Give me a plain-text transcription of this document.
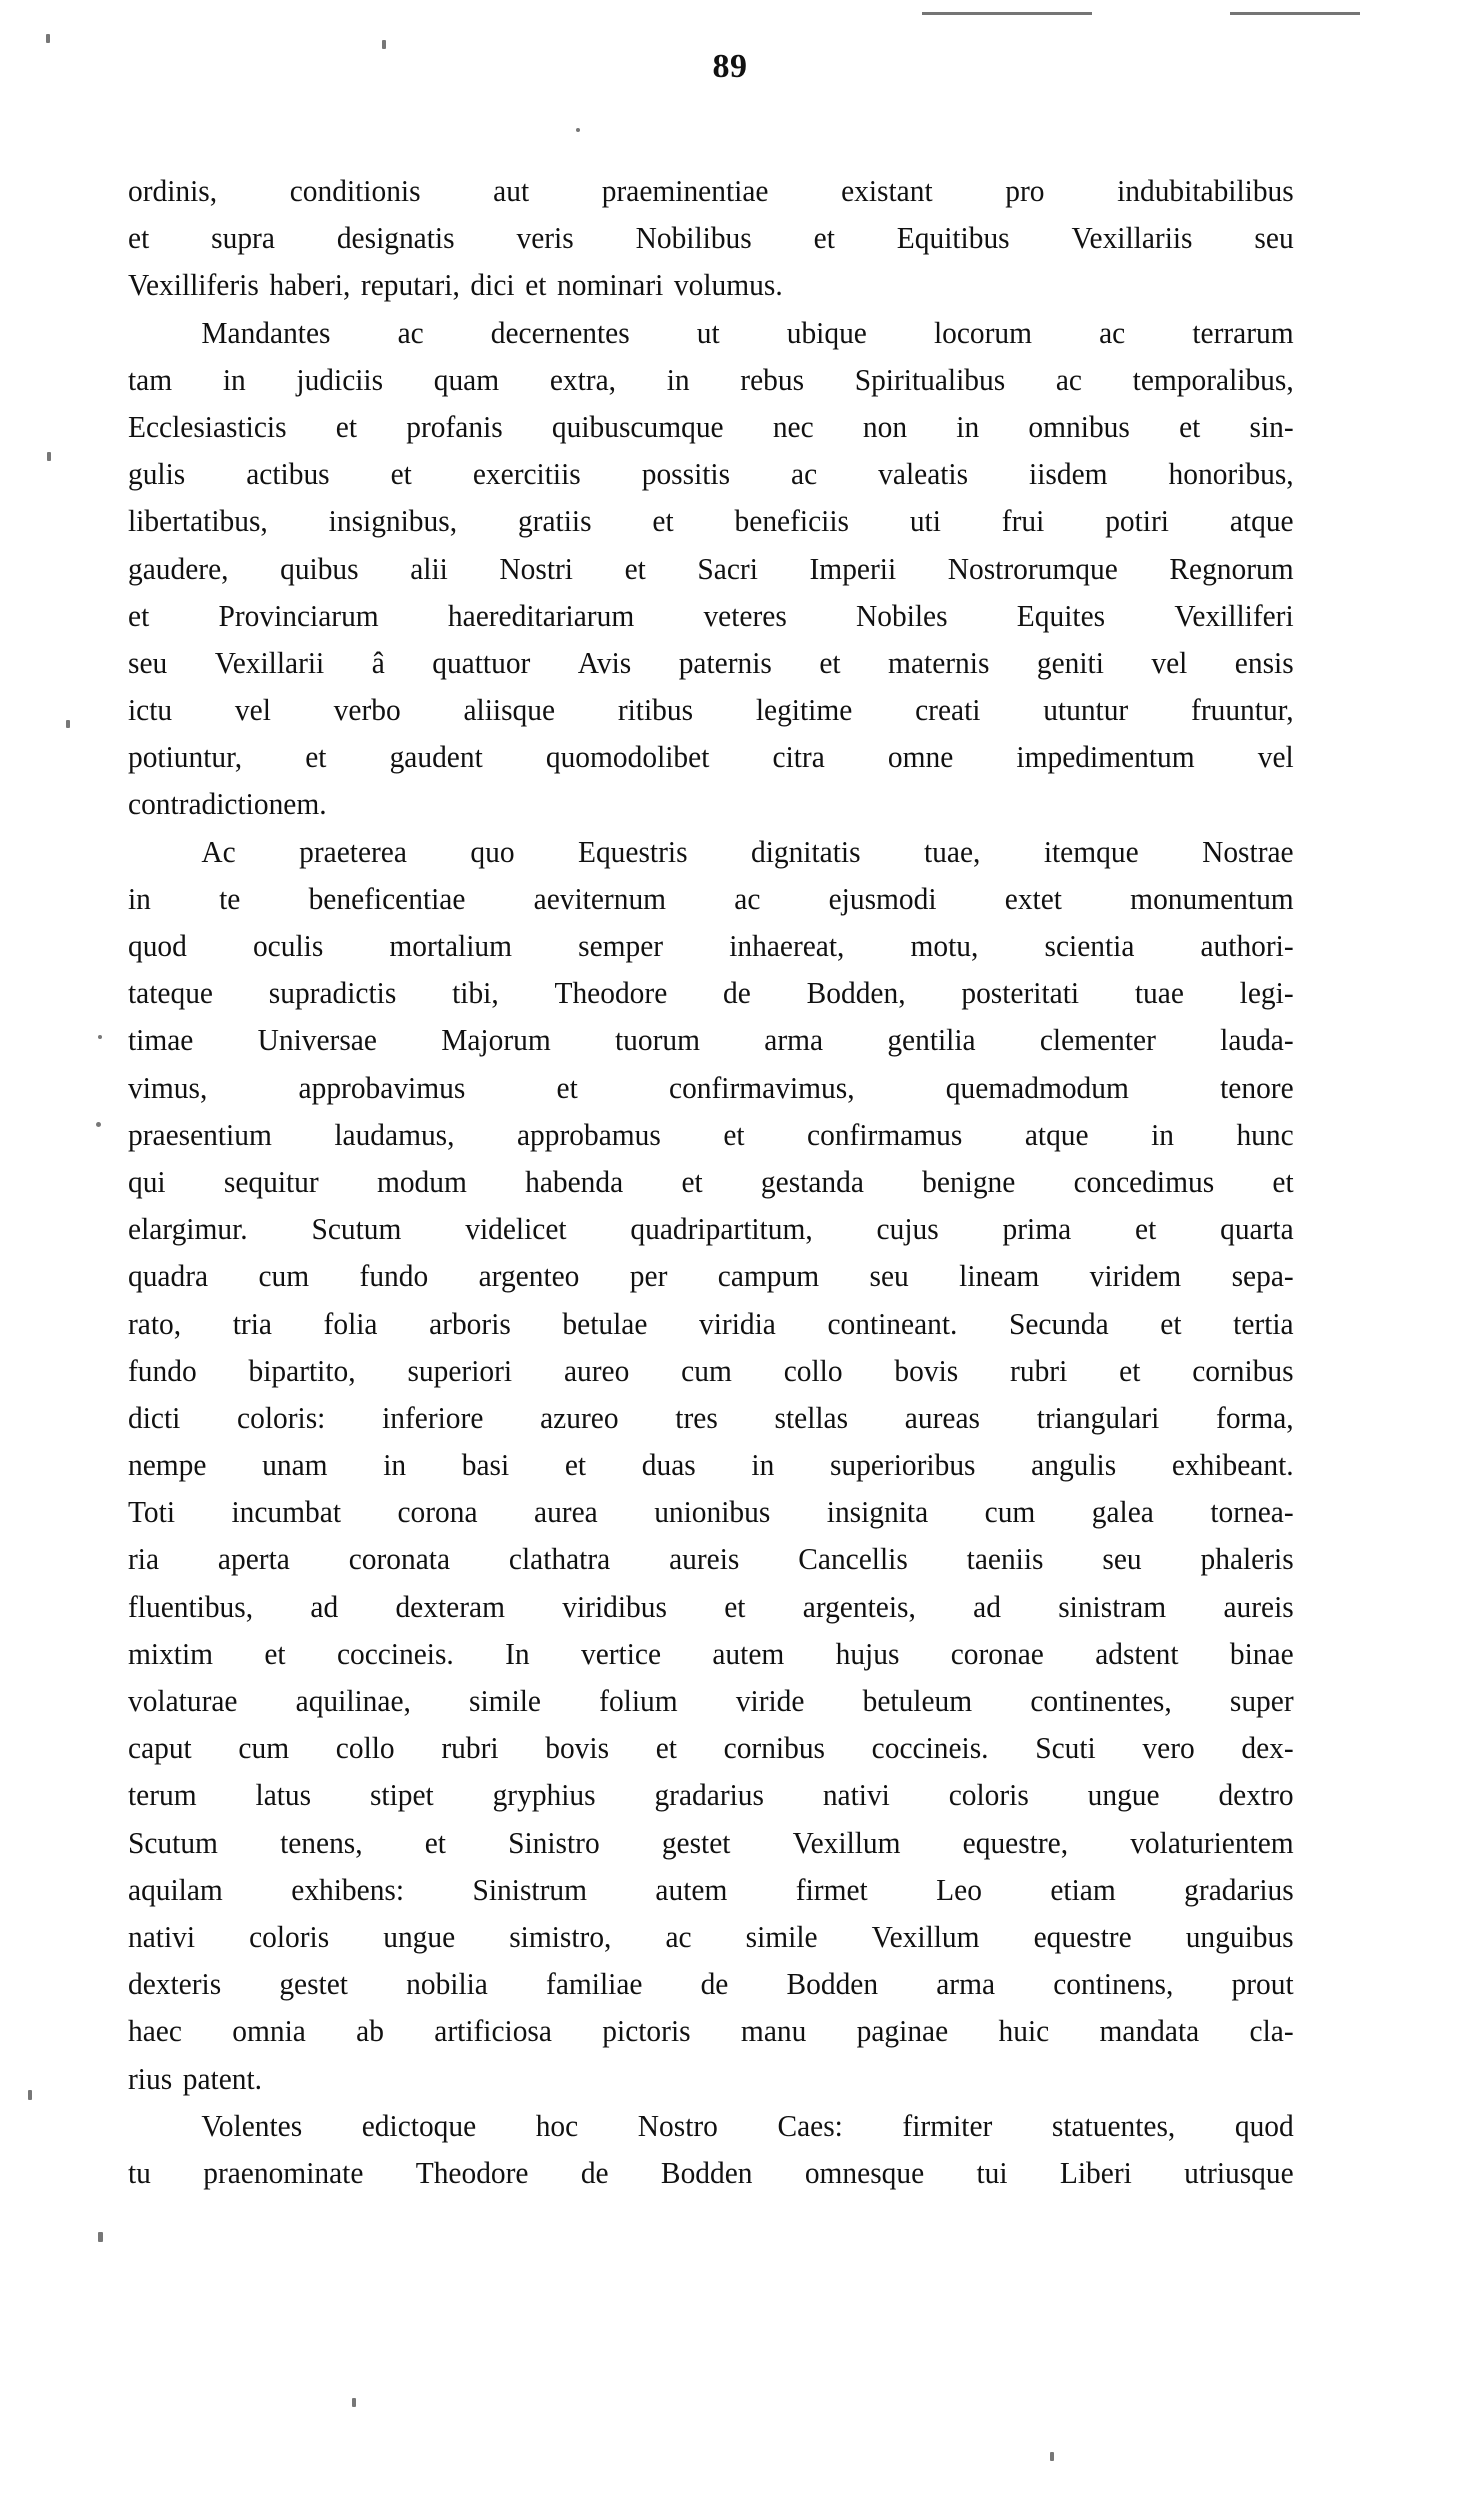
89
ordinis, conditionis aut praeminentiae existant pro indubitabilibus
et supra designatis veris Nobilibus et Equitibus Vexillariis seu
Vexilliferis haberi, reputari, dici et nominari volumus.
Mandantes ac decernentes ut ubique locorum ac terrarum
tam in judiciis quam extra, in rebus Spiritualibus ac temporalibus,
Ecclesiasticis et profanis quibuscumque nec non in omnibus et sin-
gulis actibus et exercitiis possitis ac valeatis iisdem honoribus,
libertatibus, insignibus, gratiis et beneficiis uti frui potiri atque
gaudere, quibus alii Nostri et Sacri Imperii Nostrorumque Regnorum
et Provinciarum haereditariarum veteres Nobiles Equites Vexilliferi
seu Vexillarii â quattuor Avis paternis et maternis geniti vel ensis
ictu vel verbo aliisque ritibus legitime creati utuntur fruuntur,
potiuntur, et gaudent quomodolibet citra omne impedimentum vel
contradictionem.
Ac praeterea quo Equestris dignitatis tuae, itemque Nostrae
in te beneficentiae aeviternum ac ejusmodi extet monumentum
quod oculis mortalium semper inhaereat, motu, scientia authori-
tateque supradictis tibi, Theodore de Bodden, posteritati tuae legi-
timae Universae Majorum tuorum arma gentilia clementer lauda-
vimus,	approbavimus	et	confirmavimus,	quemadmodum	tenore
praesentium laudamus, approbamus et confirmamus atque in hunc
qui sequitur modum habenda et gestanda benigne concedimus et
elargimur. Scutum videlicet quadripartitum, cujus prima et quarta
quadra cum fundo argenteo per campum seu lineam viridem sepa-
rato, tria folia arboris betulae viridia contineant. Secunda et tertia
fundo bipartito, superiori aureo cum collo bovis rubri et cornibus
dicti coloris: inferiore azureo tres stellas aureas triangulari forma,
nempe unam in basi et duas in superioribus angulis exhibeant.
Toti incumbat corona aurea unionibus insignita cum galea tornea-
ria aperta coronata clathatra aureis Cancellis taeniis seu phaleris
fluentibus, ad dexteram viridibus et argenteis, ad sinistram aureis
mixtim et coccineis. In vertice autem hujus coronae adstent binae
volaturae aquilinae, simile folium viride betuleum continentes, super
caput cum collo rubri bovis et cornibus coccineis. Scuti vero dex-
terum latus stipet gryphius gradarius nativi coloris ungue dextro
Scutum tenens, et Sinistro gestet Vexillum equestre, volaturientem
aquilam exhibens: Sinistrum autem firmet Leo etiam gradarius
nativi coloris ungue simistro, ac simile Vexillum equestre unguibus
dexteris gestet nobilia familiae de Bodden arma continens, prout
haec omnia ab artificiosa pictoris manu paginae huic mandata cla-
rius patent.
Volentes edictoque hoc Nostro Caes: firmiter statuentes, quod
tu praenominate Theodore de Bodden omnesque tui Liberi utriusque
